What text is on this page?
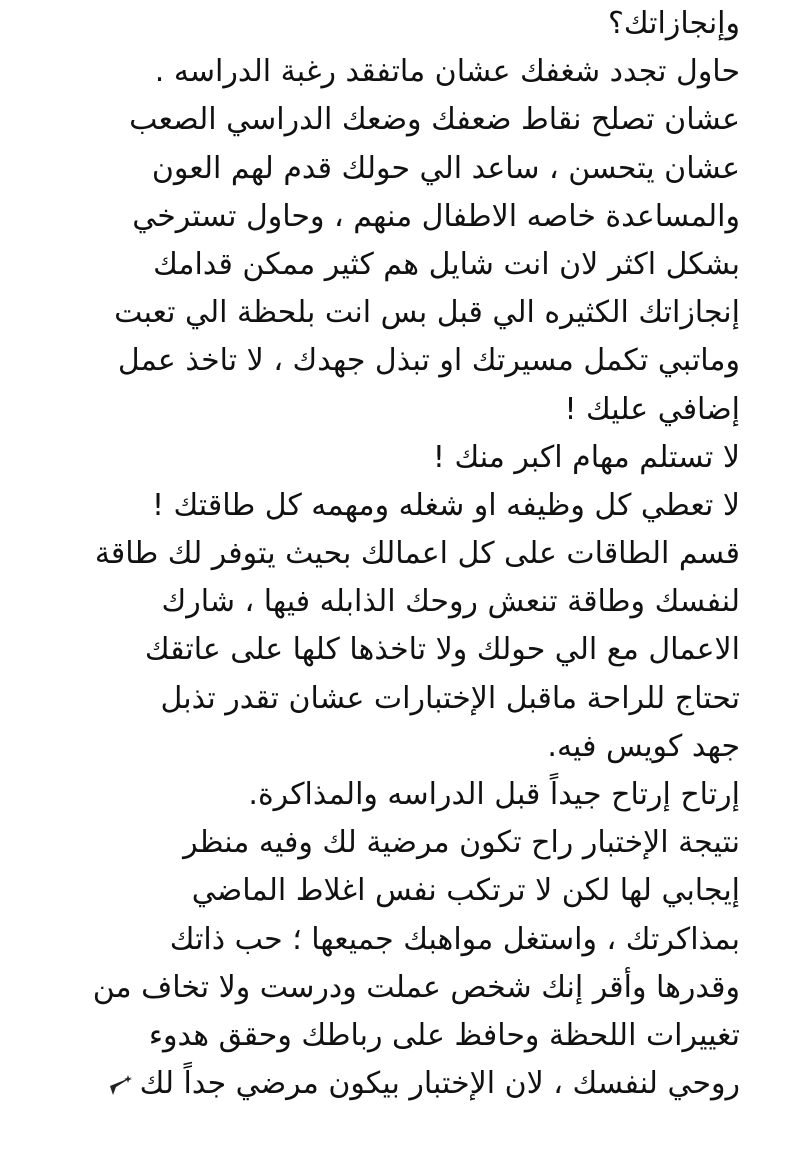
وإنجازاتك؟
حاول تجدد شغفك عشان ماتفقد رغبة الدراسه .
عشان تصلح نقاط ضعفك وضعك الدراسي الصعب
عشان يتحسن ، ساعد الي حولك قدم لهم العون
والمساعدة خاصه الاطفال منهم ، وحاول تسترخي
بشكل اكثر لان انت شايل هم كثير ممكن قدامك
إنجازاتك الكثيره الي قبل بس انت بلحظة الي تعبت
وماتبي تكمل مسيرتك او تبذل جهدك ، لا تاخذ عمل
إضافي عليك !
لا تستلم مهام اكبر منك !
لا تعطي كل وظيفه او شغله ومهمه كل طاقتك !
قسم الطاقات على كل اعمالك بحيث يتوفر لك طاقة
لنفسك وطاقة تنعش روحك الذابله فيها ، شارك
الاعمال مع الي حولك ولا تاخذها كلها على عاتقك
تحتاج للراحة ماقبل الإختبارات عشان تقدر تذبل
جهد كويس فيه.
إرتاح إرتاح جيداً قبل الدراسه والمذاكرة.
نتيجة الإختبار راح تكون مرضية لك وفيه منظر
إيجابي لها لكن لا ترتكب نفس اغلاط الماضي
بمذاكرتك ، واستغل مواهبك جميعها ؛ حب ذاتك
وقدرها وأقر إنك شخص عملت ودرست ولا تخاف من
تغييرات اللحظة وحافظ على رباطك وحقق هدوء
روحي لنفسك ، لان الإختبار بيكون مرضي جداً لك
